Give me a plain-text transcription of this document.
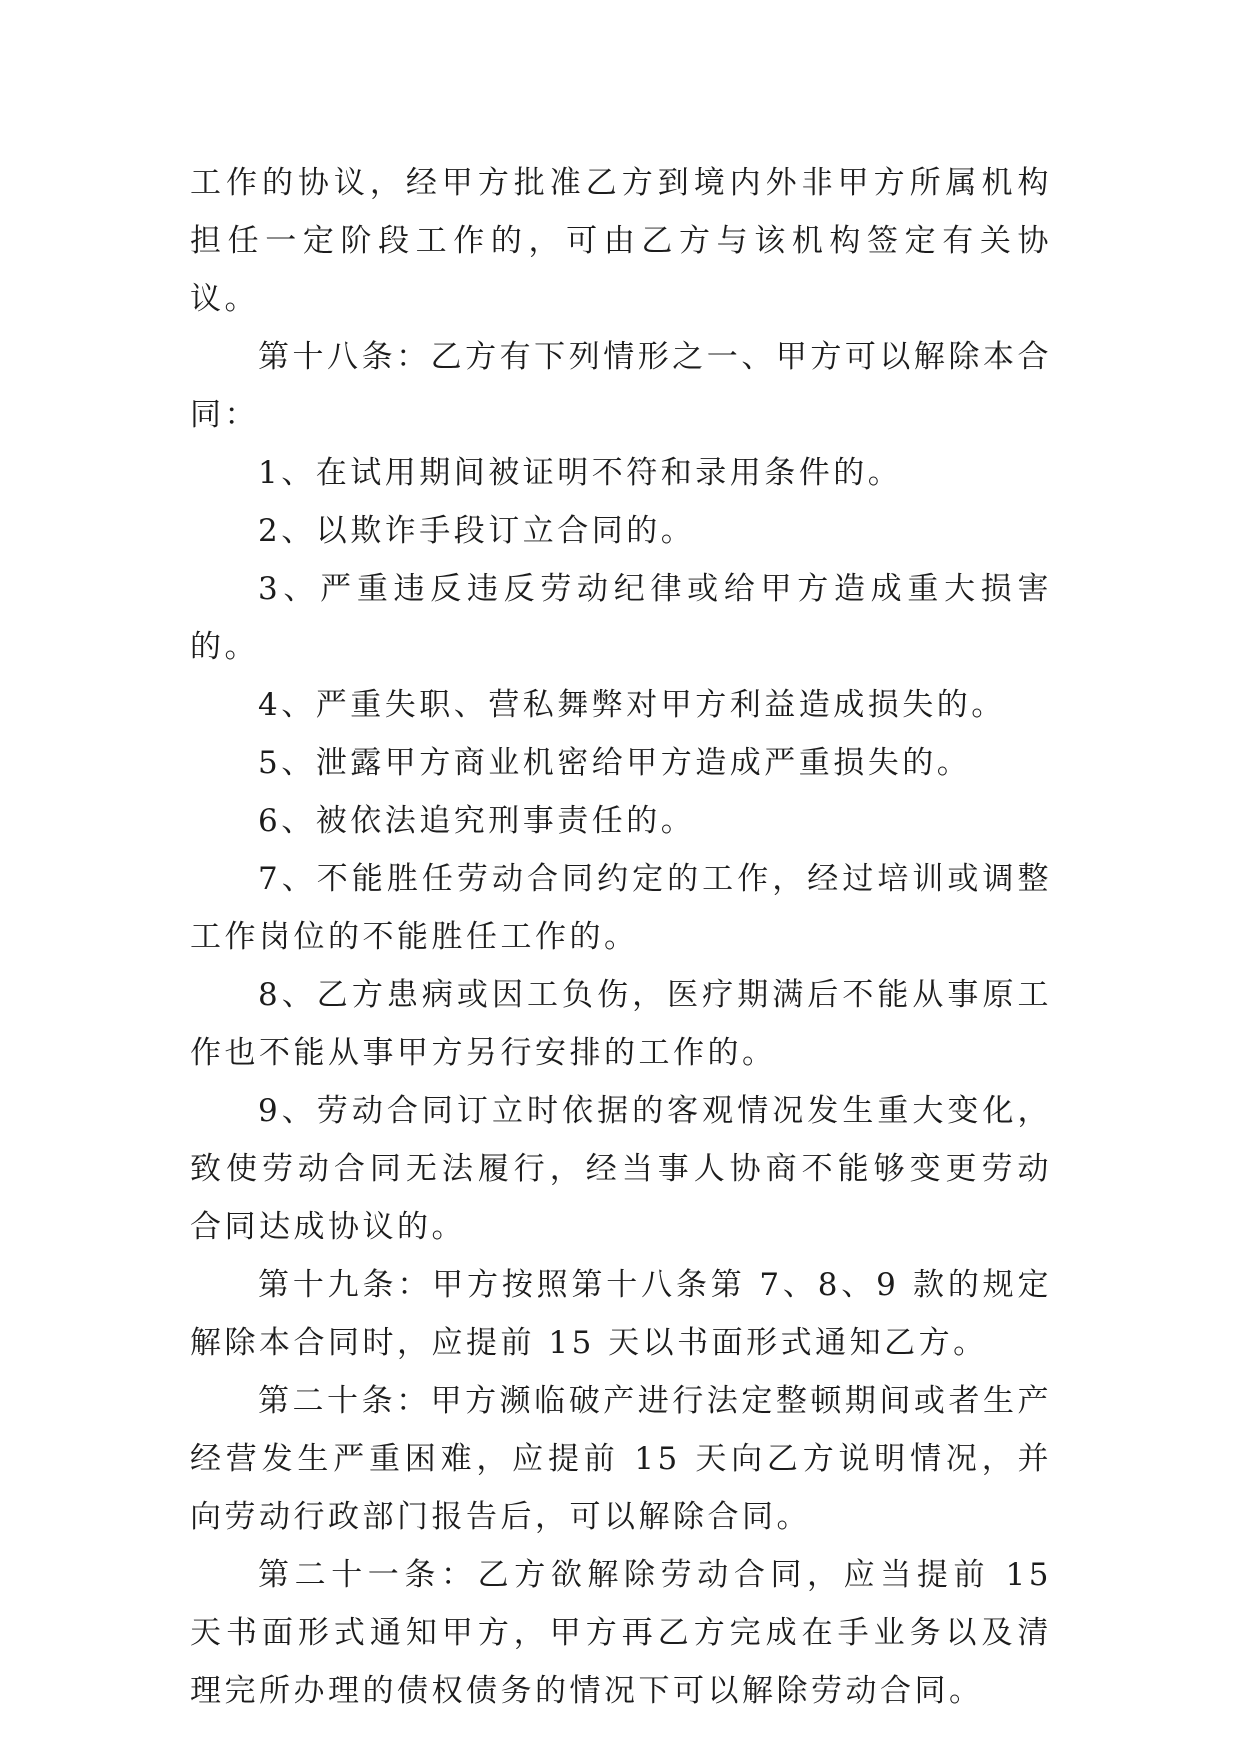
工作的协议，经甲方批准乙方到境内外非甲方所属机构担任一定阶段工作的，可由乙方与该机构签定有关协议。

第十八条：乙方有下列情形之一、甲方可以解除本合同：

1、在试用期间被证明不符和录用条件的。

2、以欺诈手段订立合同的。

3、严重违反违反劳动纪律或给甲方造成重大损害的。

4、严重失职、营私舞弊对甲方利益造成损失的。

5、泄露甲方商业机密给甲方造成严重损失的。

6、被依法追究刑事责任的。

7、不能胜任劳动合同约定的工作，经过培训或调整工作岗位的不能胜任工作的。

8、乙方患病或因工负伤，医疗期满后不能从事原工作也不能从事甲方另行安排的工作的。

9、劳动合同订立时依据的客观情况发生重大变化，致使劳动合同无法履行，经当事人协商不能够变更劳动合同达成协议的。

第十九条：甲方按照第十八条第 7、8、9 款的规定解除本合同时，应提前 15 天以书面形式通知乙方。

第二十条：甲方濒临破产进行法定整顿期间或者生产经营发生严重困难，应提前 15 天向乙方说明情况，并向劳动行政部门报告后，可以解除合同。

第二十一条：乙方欲解除劳动合同，应当提前 15 天书面形式通知甲方，甲方再乙方完成在手业务以及清理完所办理的债权债务的情况下可以解除劳动合同。
